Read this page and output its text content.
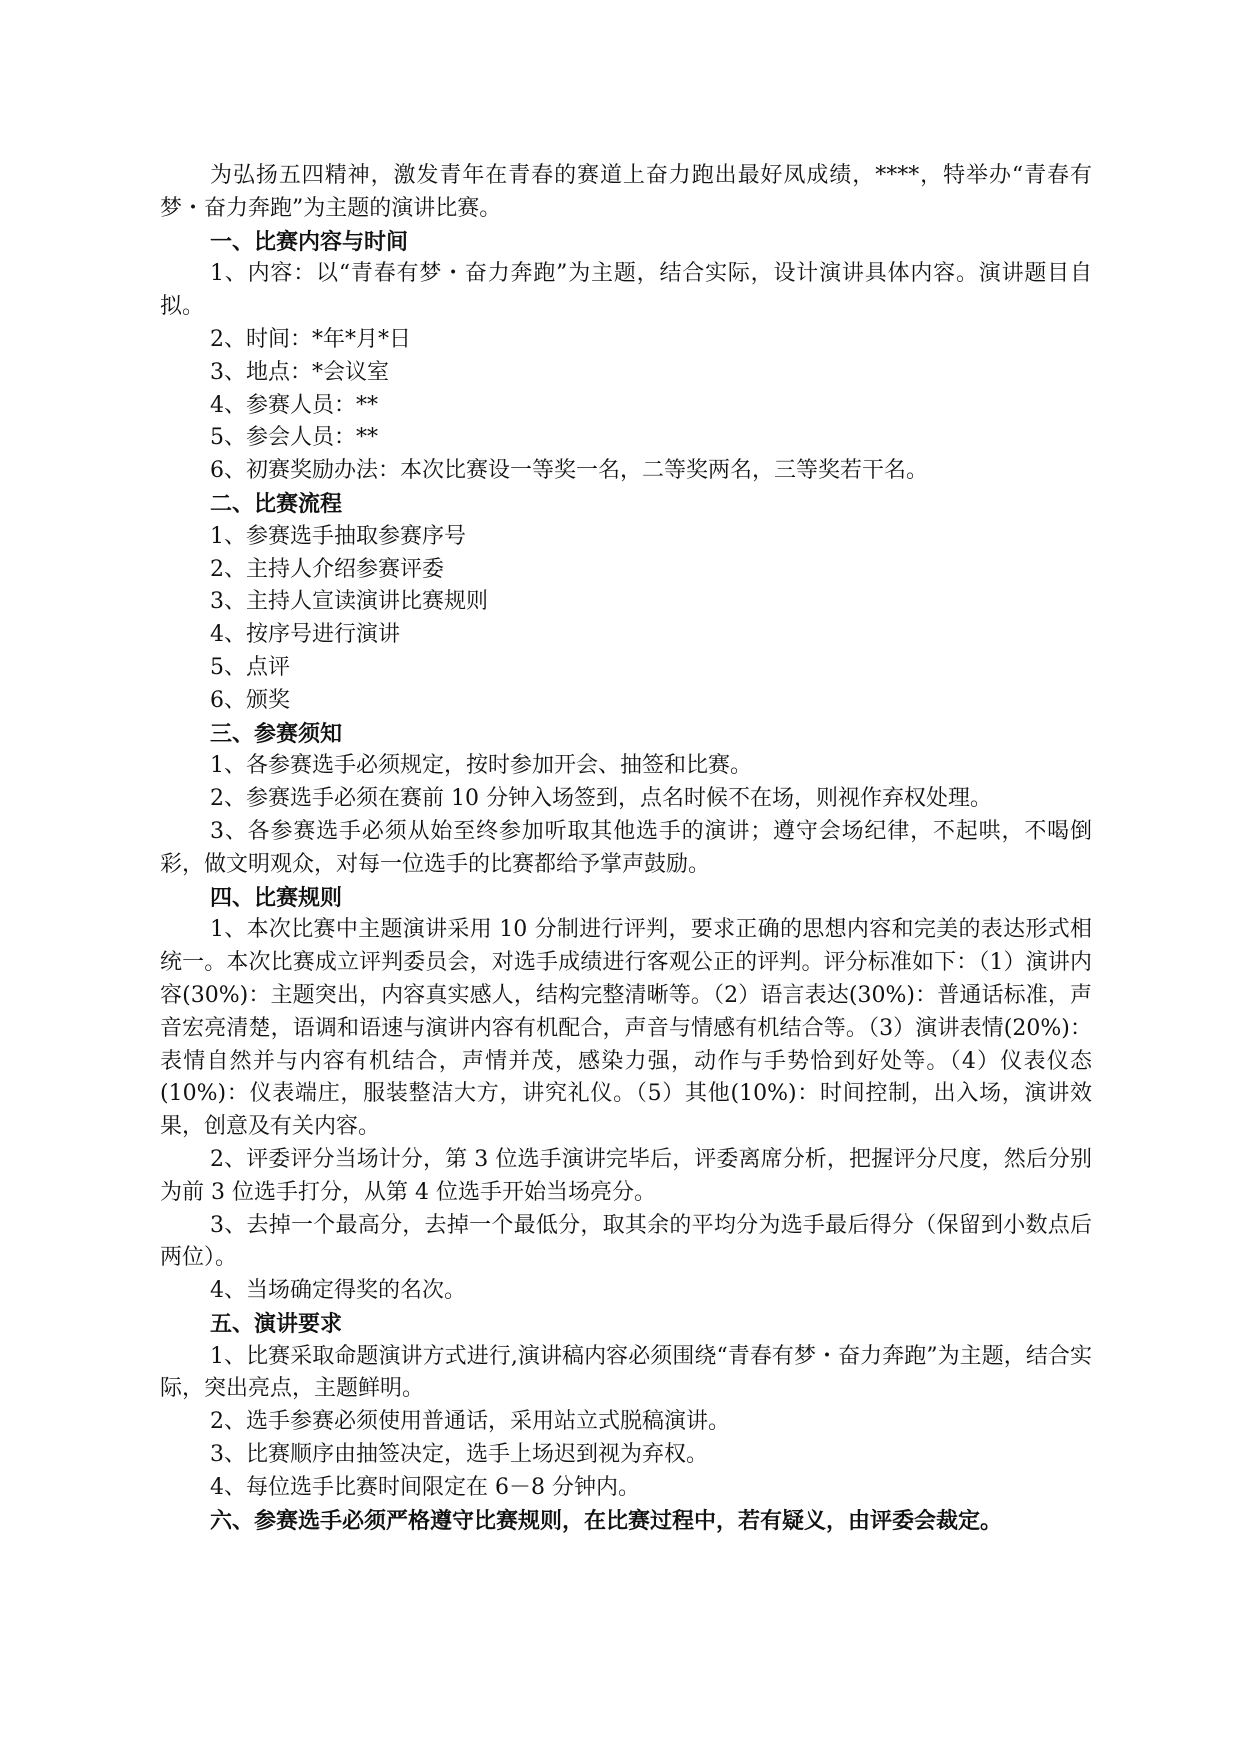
为弘扬五四精神，激发青年在青春的赛道上奋力跑出最好凤成绩，****，特举办“青春有梦・奋力奔跑”为主题的演讲比赛。

一、比赛内容与时间

1、内容：以“青春有梦・奋力奔跑”为主题，结合实际，设计演讲具体内容。演讲题目自拟。

2、时间：*年*月*日

3、地点：*会议室

4、参赛人员：**

5、参会人员：**

6、初赛奖励办法：本次比赛设一等奖一名，二等奖两名，三等奖若干名。

二、比赛流程

1、参赛选手抽取参赛序号

2、主持人介绍参赛评委

3、主持人宣读演讲比赛规则

4、按序号进行演讲

5、点评

6、颁奖

三、参赛须知

1、各参赛选手必须规定，按时参加开会、抽签和比赛。

2、参赛选手必须在赛前 10 分钟入场签到，点名时候不在场，则视作弃权处理。

3、各参赛选手必须从始至终参加听取其他选手的演讲；遵守会场纪律，不起哄，不喝倒彩，做文明观众，对每一位选手的比赛都给予掌声鼓励。

四、比赛规则

1、本次比赛中主题演讲采用 10 分制进行评判，要求正确的思想内容和完美的表达形式相统一。本次比赛成立评判委员会，对选手成绩进行客观公正的评判。评分标准如下：（1）演讲内容(30%)：主题突出，内容真实感人，结构完整清晰等。（2）语言表达(30%)：普通话标准，声音宏亮清楚，语调和语速与演讲内容有机配合，声音与情感有机结合等。（3）演讲表情(20%)：表情自然并与内容有机结合，声情并茂，感染力强，动作与手势恰到好处等。（4）仪表仪态(10%)：仪表端庄，服装整洁大方，讲究礼仪。（5）其他(10%)：时间控制，出入场，演讲效果，创意及有关内容。

2、评委评分当场计分，第 3 位选手演讲完毕后，评委离席分析，把握评分尺度，然后分别为前 3 位选手打分，从第 4 位选手开始当场亮分。

3、去掉一个最高分，去掉一个最低分，取其余的平均分为选手最后得分（保留到小数点后两位）。

4、当场确定得奖的名次。

五、演讲要求

1、比赛采取命题演讲方式进行,演讲稿内容必须围绕“青春有梦・奋力奔跑”为主题，结合实际，突出亮点，主题鲜明。

2、选手参赛必须使用普通话，采用站立式脱稿演讲。

3、比赛顺序由抽签决定，选手上场迟到视为弃权。

4、每位选手比赛时间限定在 6－8 分钟内。

六、参赛选手必须严格遵守比赛规则，在比赛过程中，若有疑义，由评委会裁定。
